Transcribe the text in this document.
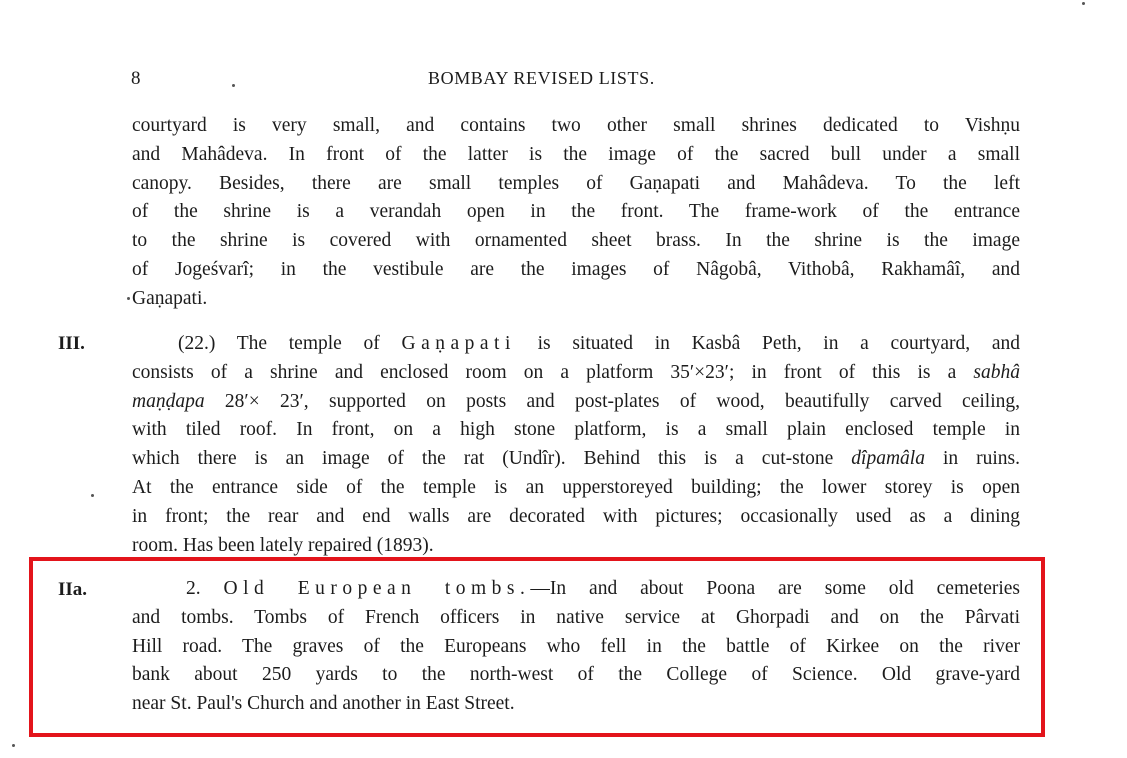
8	BOMBAY REVISED LISTS.
courtyard is very small, and contains two other small shrines dedicated to Vishṇu
and Mahâdeva. In front of the latter is the image of the sacred bull under a small
canopy. Besides, there are small temples of Gaṇapati and Mahâdeva. To the left
of the shrine is a verandah open in the front. The frame-work of the entrance
to the shrine is covered with ornamented sheet brass. In the shrine is the image
of Jogeśvarî; in the vestibule are the images of Nâgobâ, Vithobâ, Rakhamâî, and
Gaṇapati.
III.	(22.) The temple of Gaṇapati is situated in Kasbâ Peth, in a courtyard, and
consists of a shrine and enclosed room on a platform 35′×23′; in front of this is a sabhâ
maṇḍapa 28′× 23′, supported on posts and post-plates of wood, beautifully carved ceiling,
with tiled roof. In front, on a high stone platform, is a small plain enclosed temple in
which there is an image of the rat (Undîr). Behind this is a cut-stone dîpamâla in ruins.
At the entrance side of the temple is an upperstoreyed building; the lower storey is open
in front; the rear and end walls are decorated with pictures; occasionally used as a dining
room. Has been lately repaired (1893).
IIa.	2. Old European tombs.—In and about Poona are some old cemeteries
and tombs. Tombs of French officers in native service at Ghorpadi and on the Pârvati
Hill road. The graves of the Europeans who fell in the battle of Kirkee on the river
bank about 250 yards to the north-west of the College of Science. Old grave-yard
near St. Paul's Church and another in East Street.
